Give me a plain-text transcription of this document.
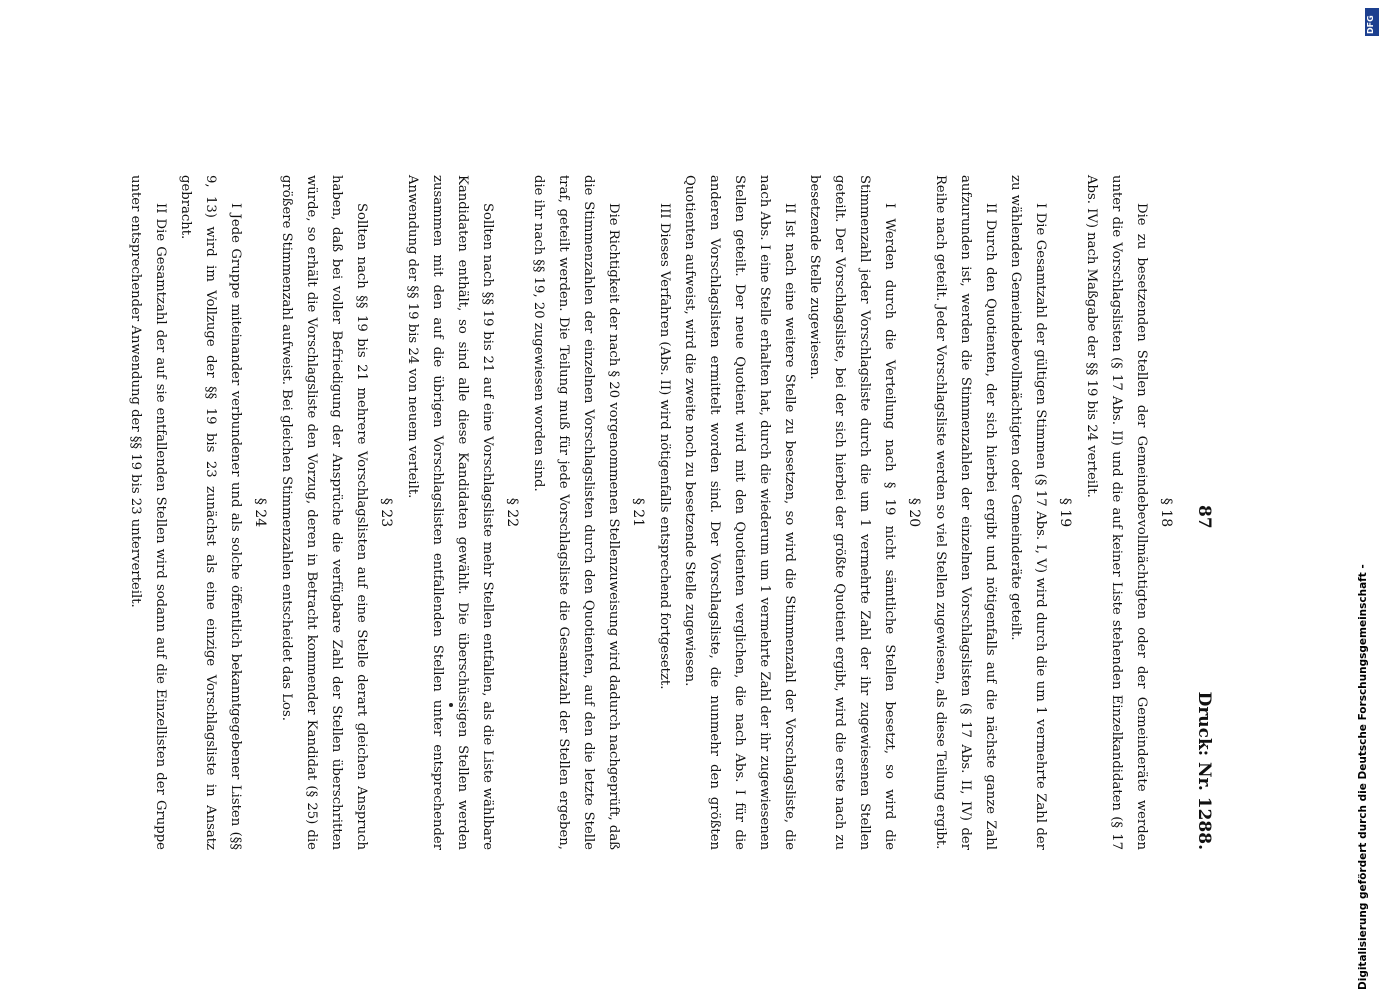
87
Druck: Nr. 1288.
§ 18

Die zu besetzenden Stellen der Gemeindebevollmächtigten oder der Gemeinderäte werden unter die Vorschlagslisten (§ 17 Abs. II) und die auf keiner Liste stehenden Einzelkandidaten (§ 17 Abs. IV) nach Maßgabe der §§ 19 bis 24 verteilt.

§ 19

I Die Gesamtzahl der gültigen Stimmen (§ 17 Abs. I, V) wird durch die um 1 vermehrte Zahl der zu wählenden Gemeindebevollmächtigten oder Gemeinderäte geteilt.

II Durch den Quotienten, der sich hierbei ergibt und nötigenfalls auf die nächste ganze Zahl aufzurunden ist, werden die Stimmenzahlen der einzelnen Vorschlagslisten (§ 17 Abs. II, IV) der Reihe nach geteilt. Jeder Vorschlagsliste werden so viel Stellen zugewiesen, als diese Teilung ergibt.

§ 20

I Werden durch die Verteilung nach § 19 nicht sämtliche Stellen besetzt, so wird die Stimmenzahl jeder Vorschlagsliste durch die um 1 vermehrte Zahl der ihr zugewiesenen Stellen geteilt. Der Vorschlagsliste, bei der sich hierbei der größte Quotient ergibt, wird die erste nach zu besetzende Stelle zugewiesen.

II Ist nach eine weitere Stelle zu besetzen, so wird die Stimmenzahl der Vorschlagsliste, die nach Abs. I eine Stelle erhalten hat, durch die wiederum um 1 vermehrte Zahl der ihr zugewiesenen Stellen geteilt. Der neue Quotient wird mit den Quotienten verglichen, die nach Abs. I für die anderen Vorschlagslisten ermittelt worden sind. Der Vorschlagsliste, die nunmehr den größten Quotienten aufweist, wird die zweite noch zu besetzende Stelle zugewiesen.

III Dieses Verfahren (Abs. II) wird nötigenfalls entsprechend fortgesetzt.

§ 21

Die Richtigkeit der nach § 20 vorgenommenen Stellenzuweisung wird dadurch nachgeprüft, daß die Stimmenzahlen der einzelnen Vorschlagslisten durch den Quotienten, auf den die letzte Stelle traf, geteilt werden. Die Teilung muß für jede Vorschlagsliste die Gesamtzahl der Stellen ergeben, die ihr nach §§ 19, 20 zugewiesen worden sind.

§ 22

Sollten nach §§ 19 bis 21 auf eine Vorschlagsliste mehr Stellen entfallen, als die Liste wählbare Kandidaten enthält, so sind alle diese Kandidaten gewählt. Die überschüssigen Stellen werden zusammen mit den auf die übrigen Vorschlagslisten entfallenden Stellen unter entsprechender Anwendung der §§ 19 bis 24 von neuem verteilt.

§ 23

Sollten nach §§ 19 bis 21 mehrere Vorschlagslisten auf eine Stelle derart gleichen Anspruch haben, daß bei voller Befriedigung der Ansprüche die verfügbare Zahl der Stellen überschritten würde, so erhält die Vorschlagsliste den Vorzug, deren in Betracht kommender Kandidat (§ 25) die größere Stimmenzahl aufweist. Bei gleichen Stimmenzahlen entscheidet das Los.

§ 24

I Jede Gruppe miteinander verbundener und als solche öffentlich bekanntgegebener Listen (§§ 9, 13) wird im Vollzuge der §§ 19 bis 23 zunächst als eine einzige Vorschlagsliste in Ansatz gebracht.

II Die Gesamtzahl der auf sie entfallenden Stellen wird sodann auf die Einzellisten der Gruppe unter entsprechender Anwendung der §§ 19 bis 23 unterverteilt.

Digitalisierung gefördert durch die Deutsche Forschungsgemeinschaft -
DFG
